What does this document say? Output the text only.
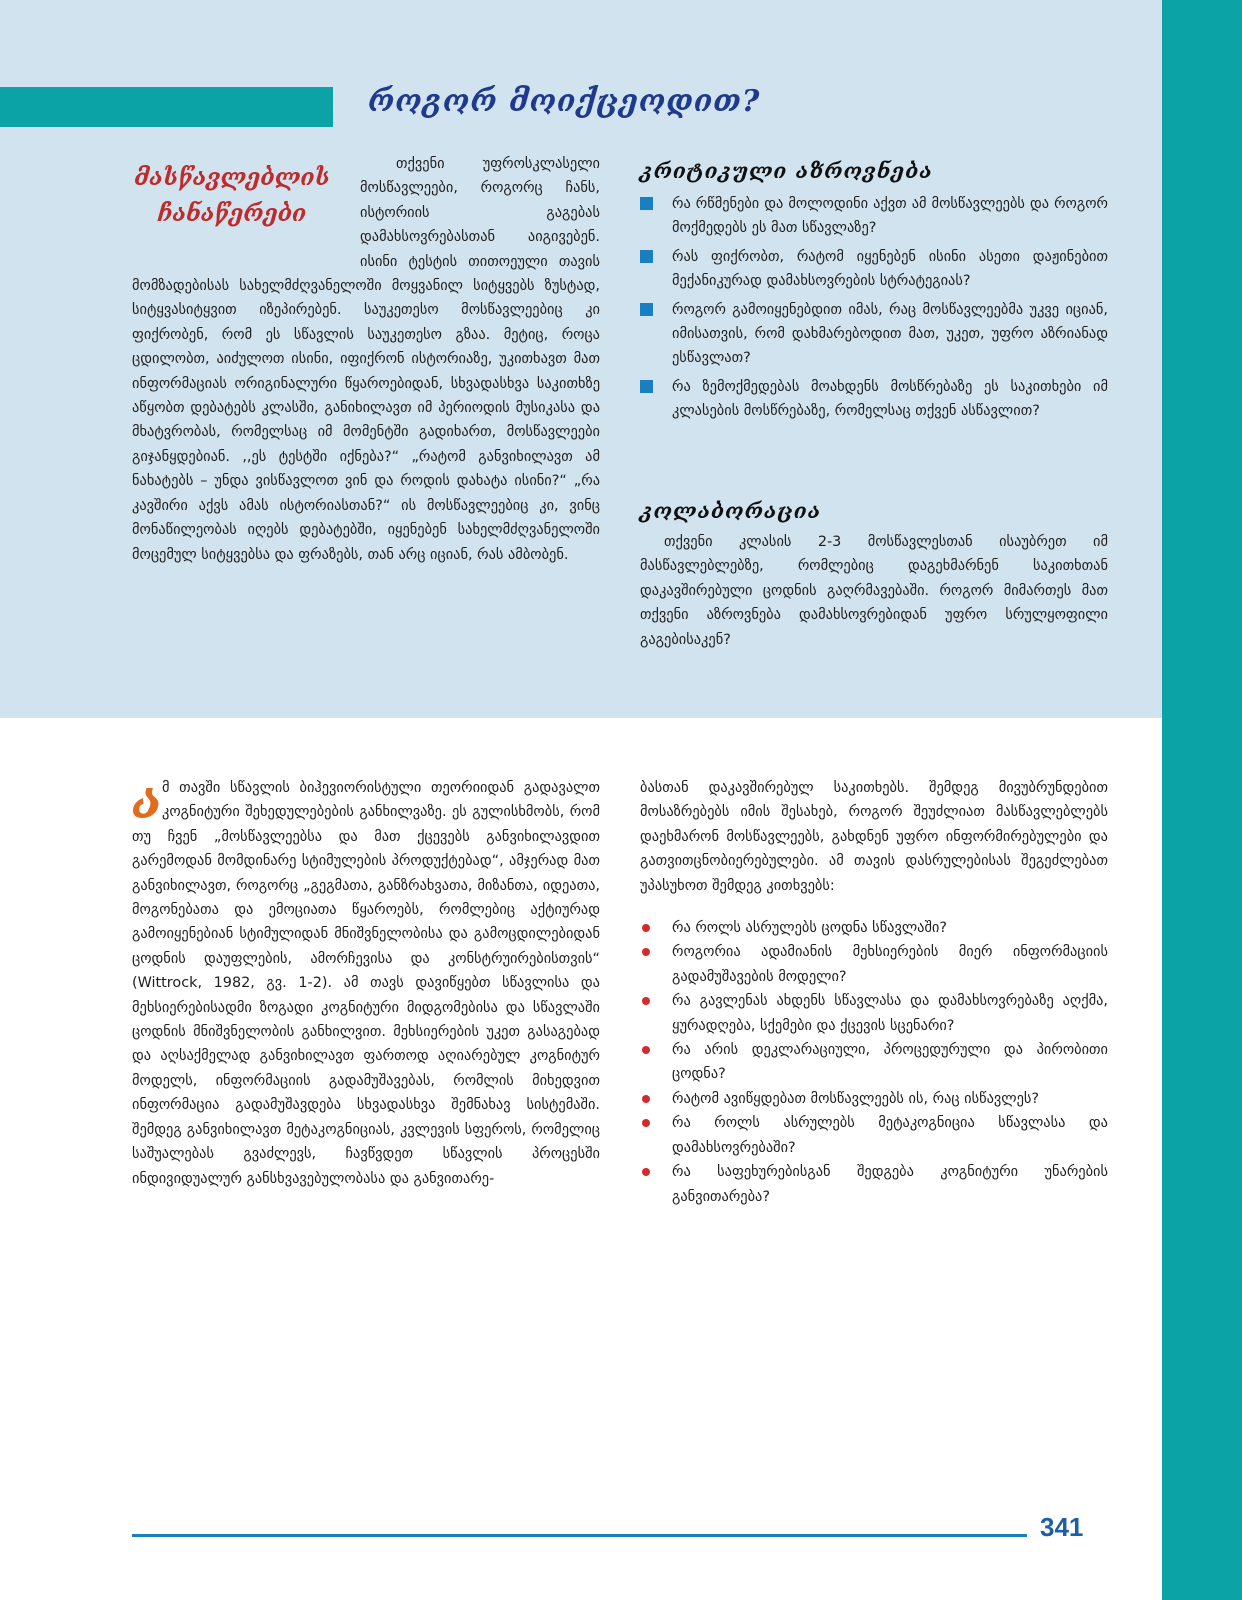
როგორ მოიქცეოდით?
მასწავლებლის
ჩანაწერები
თქვენი უფროსკლასელი მოსწავლეები, როგორც ჩანს, ისტორიის გაგებას დამახსოვრებასთან აიგივებენ. ისინი ტესტის თითოეული თავის მომზადებისას სახელმძღვანელოში მოყვანილ სიტყვებს ზუსტად, სიტყვასიტყვით იზეპირებენ. საუკეთესო მოსწავლეებიც კი ფიქრობენ, რომ ეს სწავლის საუკეთესო გზაა. მეტიც, როცა ცდილობთ, აიძულოთ ისინი, იფიქრონ ისტორიაზე, უკითხავთ მათ ინფორმაციას ორიგინალური წყაროებიდან, სხვადასხვა საკითხზე აწყობთ დებატებს კლასში, განიხილავთ იმ პერიოდის მუსიკასა და მხატვრობას, რომელსაც იმ მომენტში გადიხართ, მოსწავლეები გიჯანყდებიან. ,,ეს ტესტში იქნება?“ „რატომ განვიხილავთ ამ ნახატებს – უნდა ვისწავლოთ ვინ და როდის დახატა ისინი?“ „რა კავშირი აქვს ამას ისტორიასთან?“ ის მოსწავლეებიც კი, ვინც მონაწილეობას იღებს დებატებში, იყენებენ სახელმძღვანელოში მოცემულ სიტყვებსა და ფრაზებს, თან არც იციან, რას ამბობენ.
კრიტიკული აზროვნება
რა რწმენები და მოლოდინი აქვთ ამ მოსწავლეებს და როგორ მოქმედებს ეს მათ სწავლაზე?
რას ფიქრობთ, რატომ იყენებენ ისინი ასეთი დაჟინებით მექანიკურად დამახსოვრების სტრატეგიას?
როგორ გამოიყენებდით იმას, რაც მოსწავლეებმა უკვე იციან, იმისათვის, რომ დახმარებოდით მათ, უკეთ, უფრო აზრიანად ესწავლათ?
რა ზემოქმედებას მოახდენს მოსწრებაზე ეს საკითხები იმ კლასების მოსწრებაზე, რომელსაც თქვენ ასწავლით?
კოლაბორაცია

თქვენი კლასის 2-3 მოსწავლესთან ისაუბრეთ იმ მასწავლებლებზე, რომლებიც დაგეხმარნენ საკითხთან დაკავშირებული ცოდნის გაღრმავებაში. როგორ მიმართეს მათ თქვენი აზროვნება დამახსოვრებიდან უფრო სრულყოფილი გაგებისაკენ?

ამ თავში სწავლის ბიჰევიორისტული თეორიიდან გადავალთ კოგნიტური შეხედულებების განხილვაზე. ეს გულისხმობს, რომ თუ ჩვენ „მოსწავლეებსა და მათ ქცევებს განვიხილავდით გარემოდან მომდინარე სტიმულების პროდუქტებად“, ამჯერად მათ განვიხილავთ, როგორც „გეგმათა, განზრახვათა, მიზანთა, იდეათა, მოგონებათა და ემოციათა წყაროებს, რომლებიც აქტიურად გამოიყენებიან სტიმულიდან მნიშვნელობისა და გამოცდილებიდან ცოდნის დაუფლების, ამორჩევისა და კონსტრუირებისთვის“ (Wittrock, 1982, გვ. 1-2). ამ თავს დავიწყებთ სწავლისა და მეხსიერებისადმი ზოგადი კოგნიტური მიდგომებისა და სწავლაში ცოდნის მნიშვნელობის განხილვით. მეხსიერების უკეთ გასაგებად და აღსაქმელად განვიხილავთ ფართოდ აღიარებულ კოგნიტურ მოდელს, ინფორმაციის გადამუშავებას, რომლის მიხედვით ინფორმაცია გადამუშავდება სხვადასხვა შემნახავ სისტემაში. შემდეგ განვიხილავთ მეტაკოგნიციას, კვლევის სფეროს, რომელიც საშუალებას გვაძლევს, ჩავწვდეთ სწავლის პროცესში ინდივიდუალურ განსხვავებულობასა და განვითარე-

ბასთან დაკავშირებულ საკითხებს. შემდეგ მივუბრუნდებით მოსაზრებებს იმის შესახებ, როგორ შეუძლიათ მასწავლებლებს დაეხმარონ მოსწავლეებს, გახდნენ უფრო ინფორმირებულები და გათვითცნობიერებულები. ამ თავის დასრულებისას შეგეძლებათ უპასუხოთ შემდეგ კითხვებს:

რა როლს ასრულებს ცოდნა სწავლაში?
როგორია ადამიანის მეხსიერების მიერ ინფორმაციის გადამუშავების მოდელი?
რა გავლენას ახდენს სწავლასა და დამახსოვრებაზე აღქმა, ყურადღება, სქემები და ქცევის სცენარი?
რა არის დეკლარაციული, პროცედურული და პირობითი ცოდნა?
რატომ ავიწყდებათ მოსწავლეებს ის, რაც ისწავლეს?
რა როლს ასრულებს მეტაკოგნიცია სწავლასა და დამახსოვრებაში?
რა საფეხურებისგან შედგება კოგნიტური უნარების განვითარება?
341
